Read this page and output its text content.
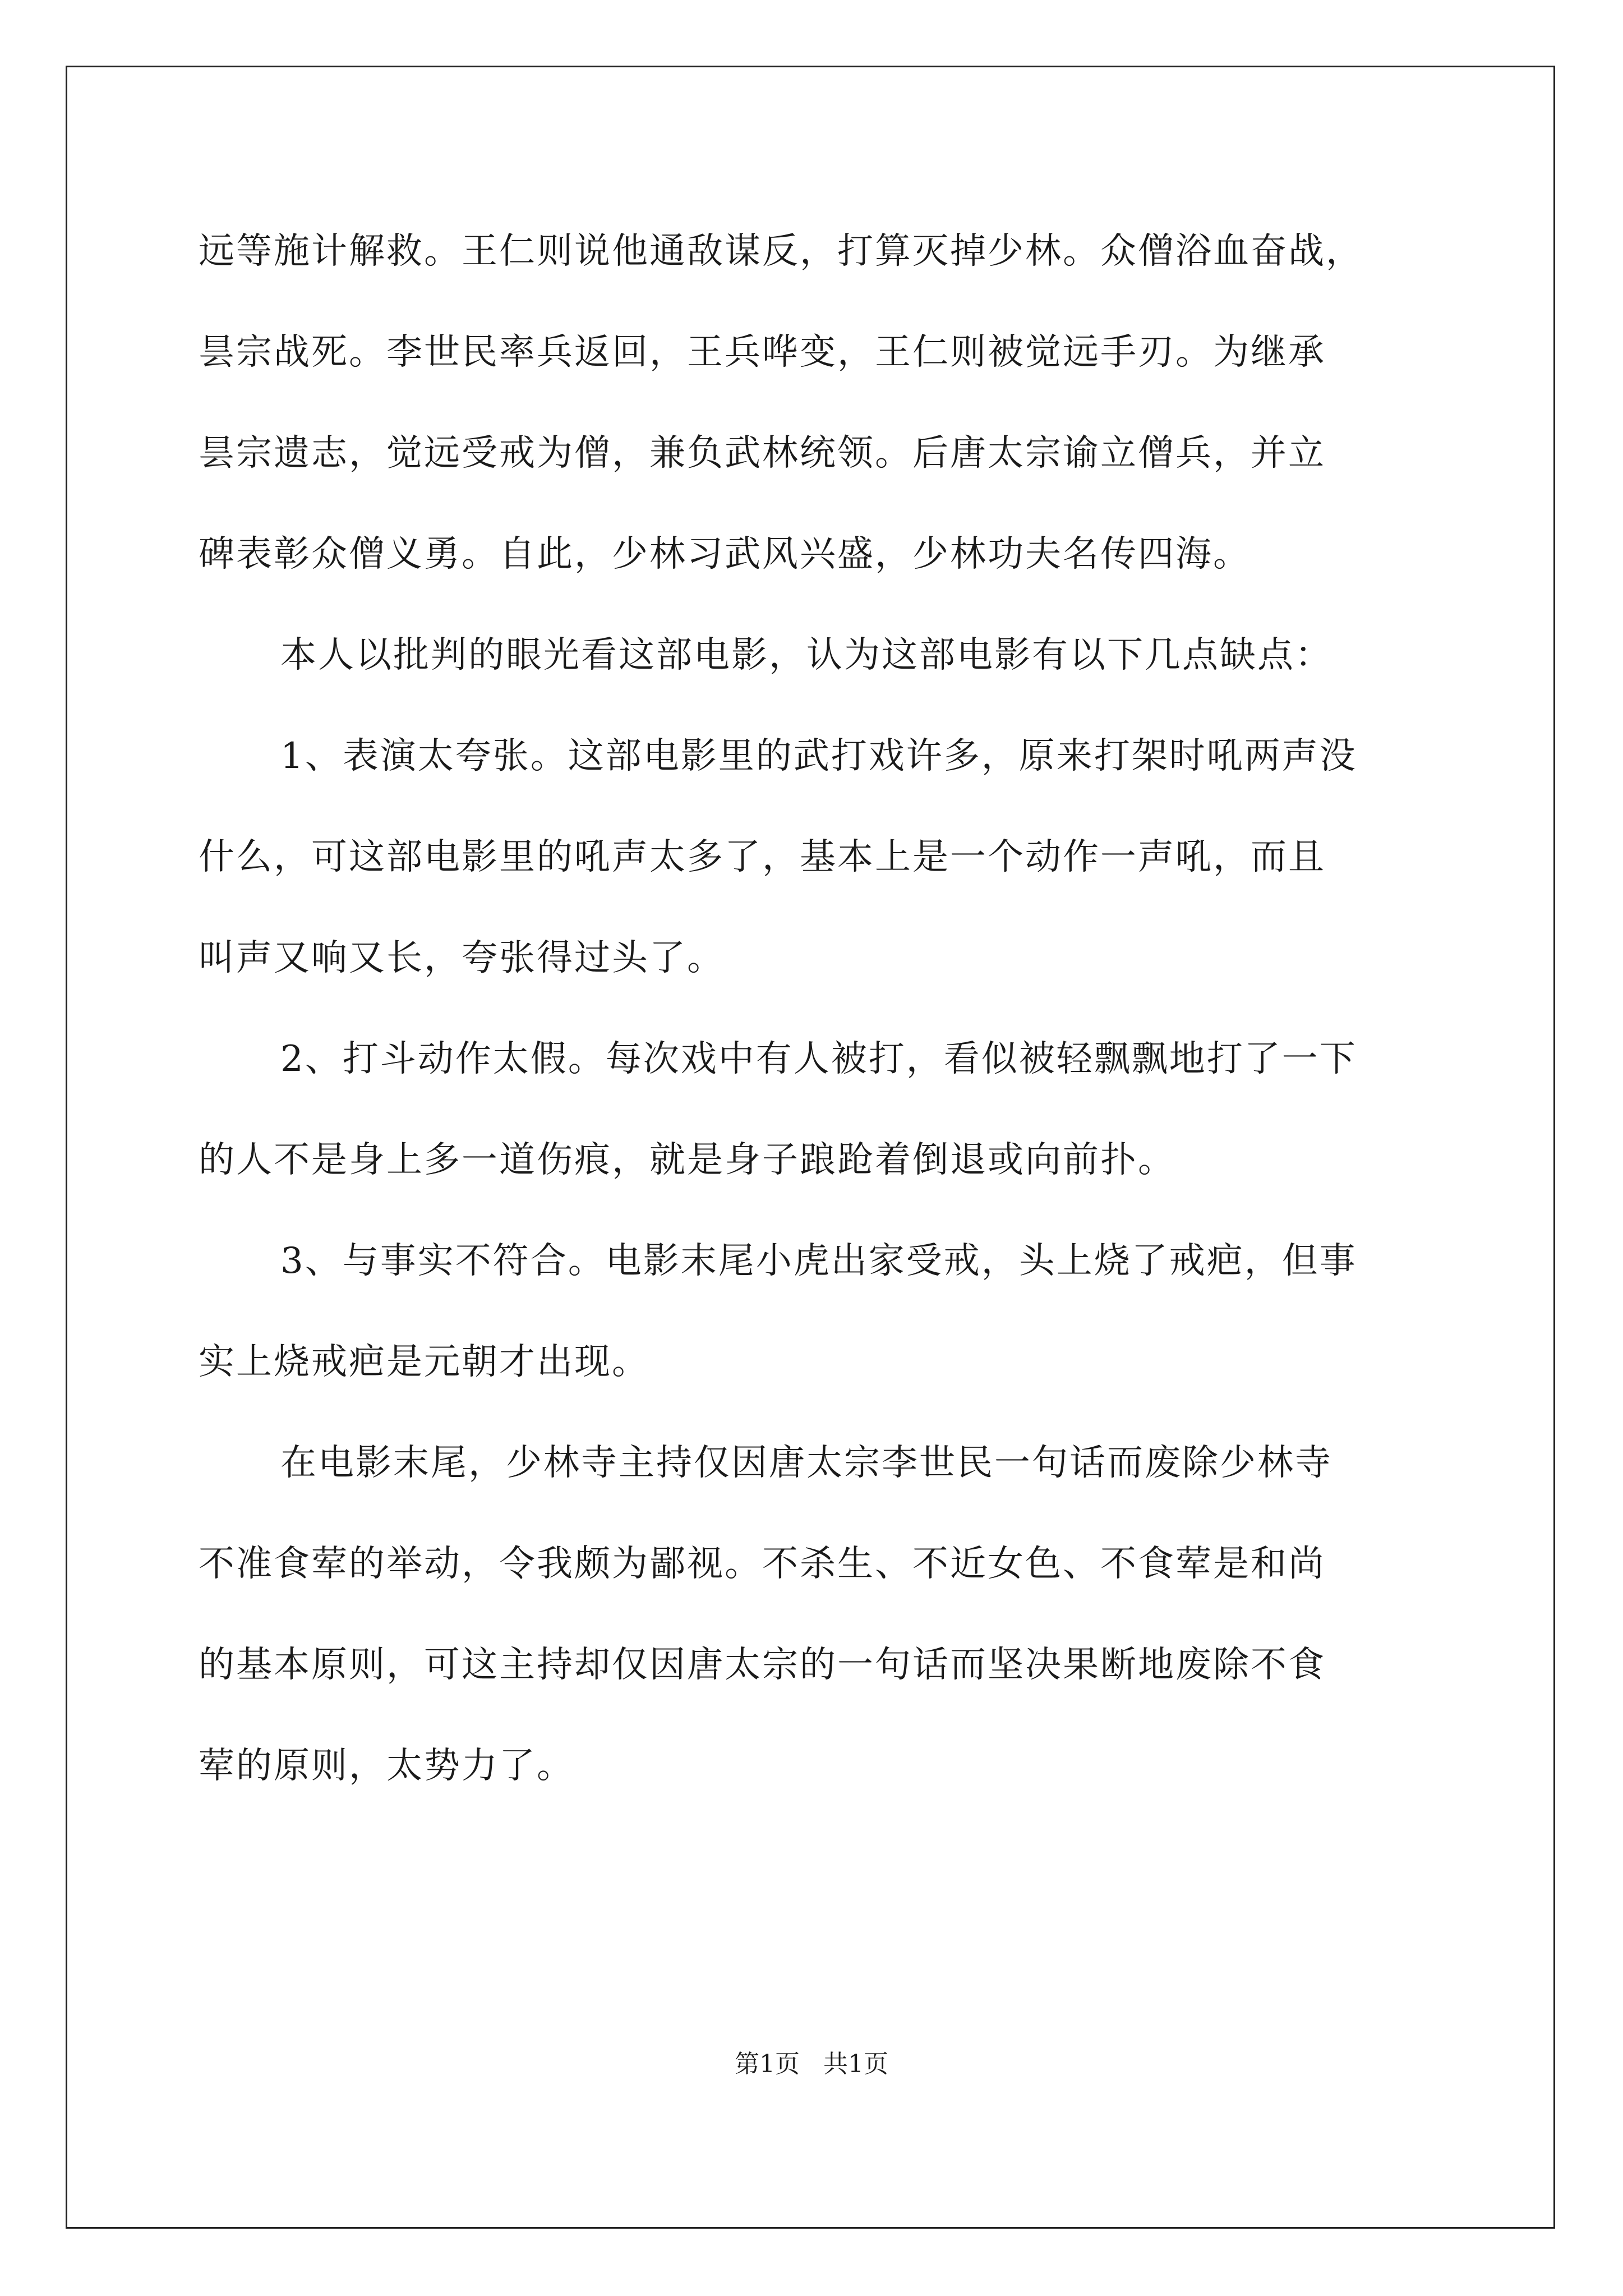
远等施计解救。王仁则说他通敌谋反，打算灭掉少林。众僧浴血奋战，
昙宗战死。李世民率兵返回，王兵哗变，王仁则被觉远手刃。为继承
昙宗遗志，觉远受戒为僧，兼负武林统领。后唐太宗谕立僧兵，并立
碑表彰众僧义勇。自此，少林习武风兴盛，少林功夫名传四海。
本人以批判的眼光看这部电影，认为这部电影有以下几点缺点：
1、表演太夸张。这部电影里的武打戏许多，原来打架时吼两声没
什么，可这部电影里的吼声太多了，基本上是一个动作一声吼，而且
叫声又响又长，夸张得过头了。
2、打斗动作太假。每次戏中有人被打，看似被轻飘飘地打了一下
的人不是身上多一道伤痕，就是身子踉跄着倒退或向前扑。
3、与事实不符合。电影末尾小虎出家受戒，头上烧了戒疤，但事
实上烧戒疤是元朝才出现。
在电影末尾，少林寺主持仅因唐太宗李世民一句话而废除少林寺
不准食荤的举动，令我颇为鄙视。不杀生、不近女色、不食荤是和尚
的基本原则，可这主持却仅因唐太宗的一句话而坚决果断地废除不食
荤的原则，太势力了。
第1页 共1页
